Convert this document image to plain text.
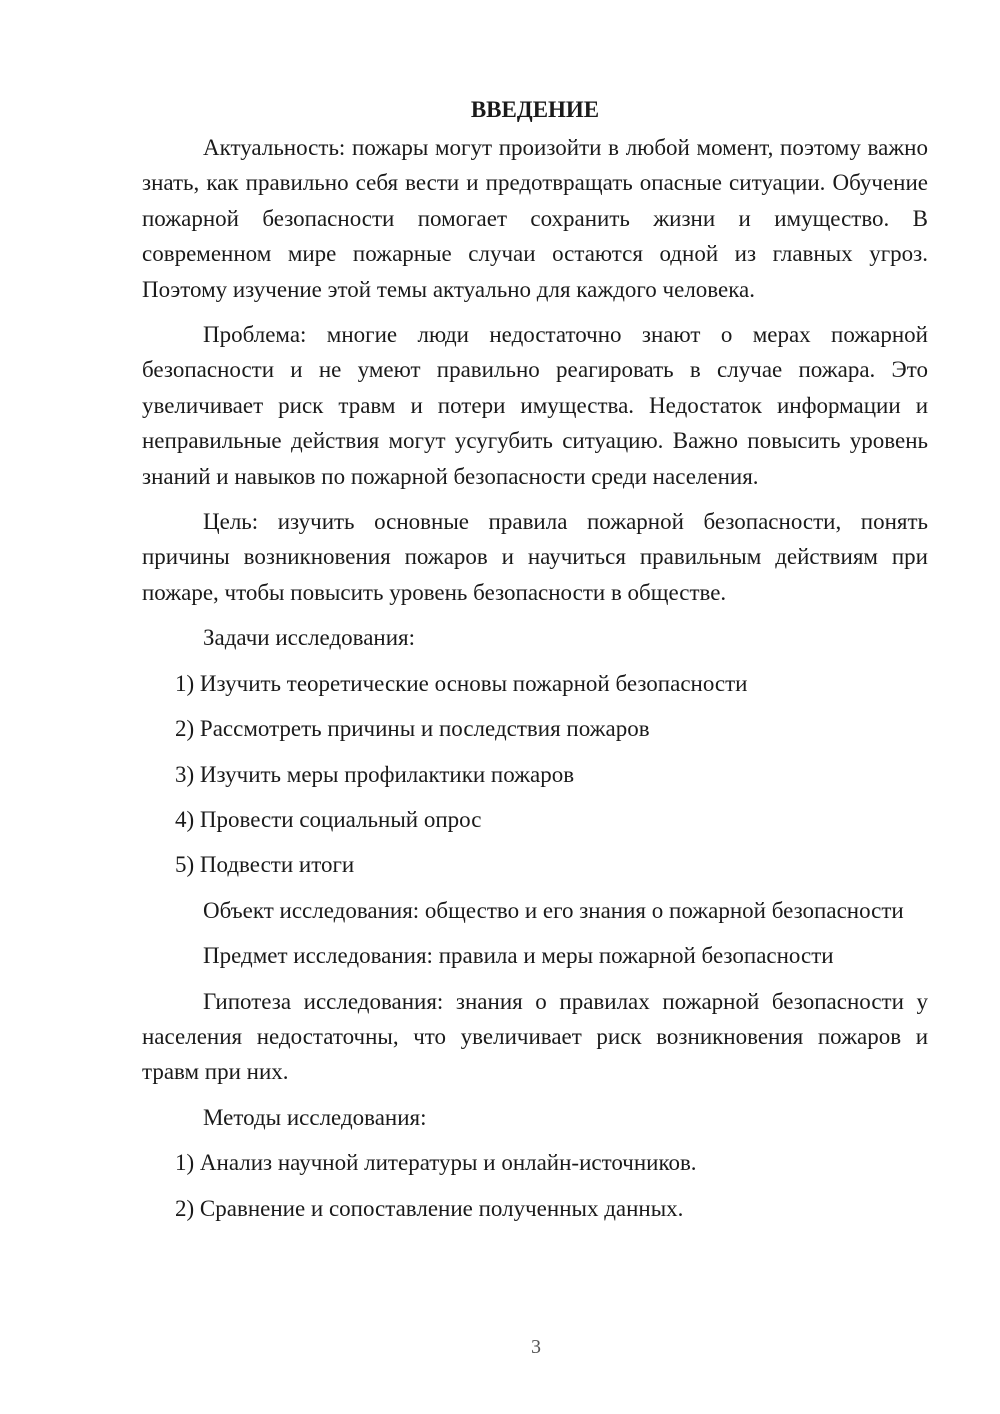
ВВЕДЕНИЕ
Актуальность: пожары могут произойти в любой момент, поэтому важно знать, как правильно себя вести и предотвращать опасные ситуации. Обучение пожарной безопасности помогает сохранить жизни и имущество. В современном мире пожарные случаи остаются одной из главных угроз. Поэтому изучение этой темы актуально для каждого человека.
Проблема: многие люди недостаточно знают о мерах пожарной безопасности и не умеют правильно реагировать в случае пожара. Это увеличивает риск травм и потери имущества. Недостаток информации и неправильные действия могут усугубить ситуацию. Важно повысить уровень знаний и навыков по пожарной безопасности среди населения.
Цель: изучить основные правила пожарной безопасности, понять причины возникновения пожаров и научиться правильным действиям при пожаре, чтобы повысить уровень безопасности в обществе.
Задачи исследования:
1) Изучить теоретические основы пожарной безопасности
2) Рассмотреть причины и последствия пожаров
3) Изучить меры профилактики пожаров
4) Провести социальный опрос
5) Подвести итоги
Объект исследования: общество и его знания о пожарной безопасности
Предмет исследования: правила и меры пожарной безопасности
Гипотеза исследования: знания о правилах пожарной безопасности у населения недостаточны, что увеличивает риск возникновения пожаров и травм при них.
Методы исследования:
1) Анализ научной литературы и онлайн-источников.
2) Сравнение и сопоставление полученных данных.
3
